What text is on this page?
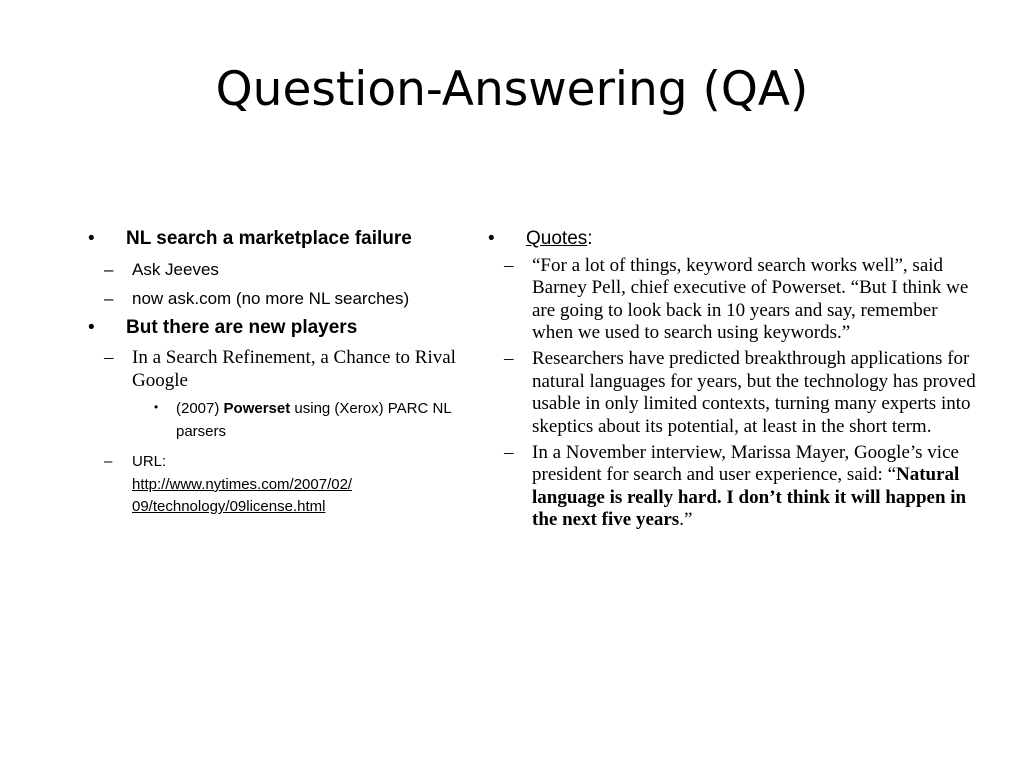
Question-Answering (QA)
• NL search a marketplace failure
– Ask Jeeves
– now ask.com (no more NL searches)
• But there are new players
– In a Search Refinement, a Chance to Rival Google
• (2007) Powerset using (Xerox) PARC NL parsers
– URL:
http://www.nytimes.com/2007/02/
09/technology/09license.html
• Quotes:
– “For a lot of things, keyword search works well”, said Barney Pell, chief executive of Powerset. “But I think we are going to look back in 10 years and say, remember when we used to search using keywords.”
– Researchers have predicted breakthrough applications for natural languages for years, but the technology has proved usable in only limited contexts, turning many experts into skeptics about its potential, at least in the short term.
– In a November interview, Marissa Mayer, Google’s vice president for search and user experience, said: “Natural language is really hard. I don’t think it will happen in the next five years.”
